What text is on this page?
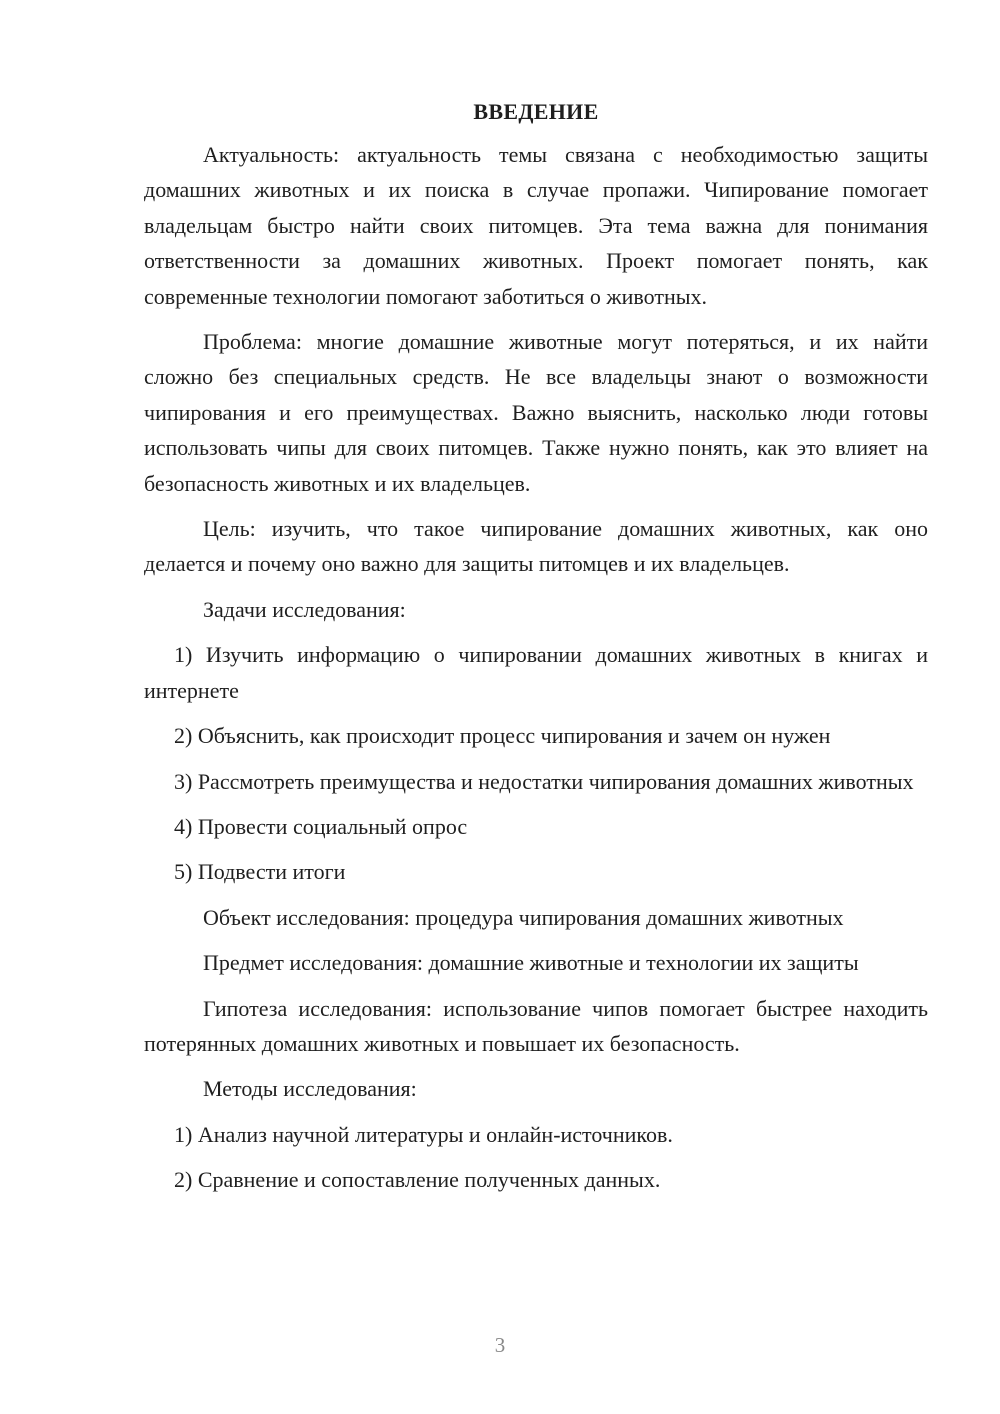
ВВЕДЕНИЕ

Актуальность: актуальность темы связана с необходимостью защиты домашних животных и их поиска в случае пропажи. Чипирование помогает владельцам быстро найти своих питомцев. Эта тема важна для понимания ответственности за домашних животных. Проект помогает понять, как современные технологии помогают заботиться о животных.

Проблема: многие домашние животные могут потеряться, и их найти сложно без специальных средств. Не все владельцы знают о возможности чипирования и его преимуществах. Важно выяснить, насколько люди готовы использовать чипы для своих питомцев. Также нужно понять, как это влияет на безопасность животных и их владельцев.

Цель: изучить, что такое чипирование домашних животных, как оно делается и почему оно важно для защиты питомцев и их владельцев.

Задачи исследования:

1) Изучить информацию о чипировании домашних животных в книгах и интернете

2) Объяснить, как происходит процесс чипирования и зачем он нужен

3) Рассмотреть преимущества и недостатки чипирования домашних животных

4) Провести социальный опрос

5) Подвести итоги

Объект исследования: процедура чипирования домашних животных

Предмет исследования: домашние животные и технологии их защиты

Гипотеза исследования: использование чипов помогает быстрее находить потерянных домашних животных и повышает их безопасность.

Методы исследования:

1) Анализ научной литературы и онлайн-источников.

2) Сравнение и сопоставление полученных данных.

3
